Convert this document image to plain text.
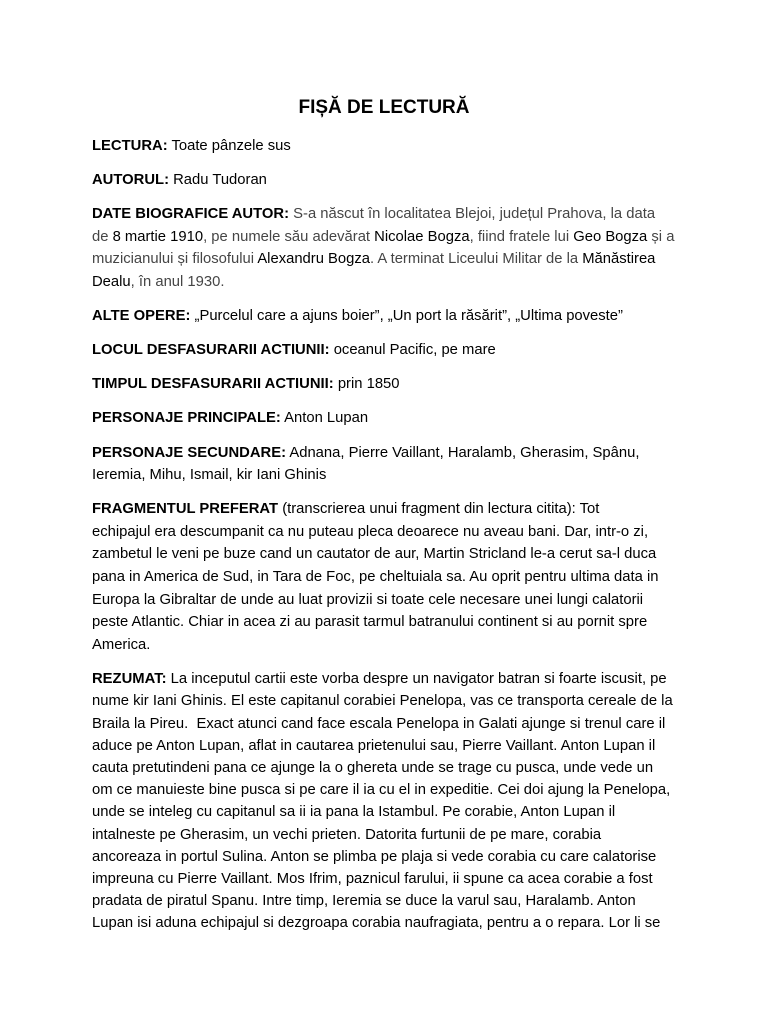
FIȘĂ DE LECTURĂ
LECTURA: Toate pânzele sus
AUTORUL: Radu Tudoran
DATE BIOGRAFICE AUTOR: S-a născut în localitatea Blejoi, județul Prahova, la data
de 8 martie 1910, pe numele său adevărat Nicolae Bogza, fiind fratele lui Geo Bogza și a
muzicianului și filosofului Alexandru Bogza. A terminat Liceului Militar de la Mănăstirea
Dealu, în anul 1930.
ALTE OPERE: „Purcelul care a ajuns boier”, „Un port la răsărit”, „Ultima poveste”
LOCUL DESFASURARII ACTIUNII: oceanul Pacific, pe mare
TIMPUL DESFASURARII ACTIUNII: prin 1850
PERSONAJE PRINCIPALE: Anton Lupan
PERSONAJE SECUNDARE: Adnana, Pierre Vaillant, Haralamb, Gherasim, Spânu,
Ieremia, Mihu, Ismail, kir Iani Ghinis
FRAGMENTUL PREFERAT (transcrierea unui fragment din lectura citita): Tot
echipajul era descumpanit ca nu puteau pleca deoarece nu aveau bani. Dar, intr-o zi,
zambetul le veni pe buze cand un cautator de aur, Martin Stricland le-a cerut sa-l duca
pana in America de Sud, in Tara de Foc, pe cheltuiala sa. Au oprit pentru ultima data in
Europa la Gibraltar de unde au luat provizii si toate cele necesare unei lungi calatorii
peste Atlantic. Chiar in acea zi au parasit tarmul batranului continent si au pornit spre
America.
REZUMAT: La inceputul cartii este vorba despre un navigator batran si foarte iscusit, pe
nume kir Iani Ghinis. El este capitanul corabiei Penelopa, vas ce transporta cereale de la
Braila la Pireu.  Exact atunci cand face escala Penelopa in Galati ajunge si trenul care il
aduce pe Anton Lupan, aflat in cautarea prietenului sau, Pierre Vaillant. Anton Lupan il
cauta pretutindeni pana ce ajunge la o ghereta unde se trage cu pusca, unde vede un
om ce manuieste bine pusca si pe care il ia cu el in expeditie. Cei doi ajung la Penelopa,
unde se inteleg cu capitanul sa ii ia pana la Istambul. Pe corabie, Anton Lupan il
intalneste pe Gherasim, un vechi prieten. Datorita furtunii de pe mare, corabia
ancoreaza in portul Sulina. Anton se plimba pe plaja si vede corabia cu care calatorise
impreuna cu Pierre Vaillant. Mos Ifrim, paznicul farului, ii spune ca acea corabie a fost
pradata de piratul Spanu. Intre timp, Ieremia se duce la varul sau, Haralamb. Anton
Lupan isi aduna echipajul si dezgroapa corabia naufragiata, pentru a o repara. Lor li se
